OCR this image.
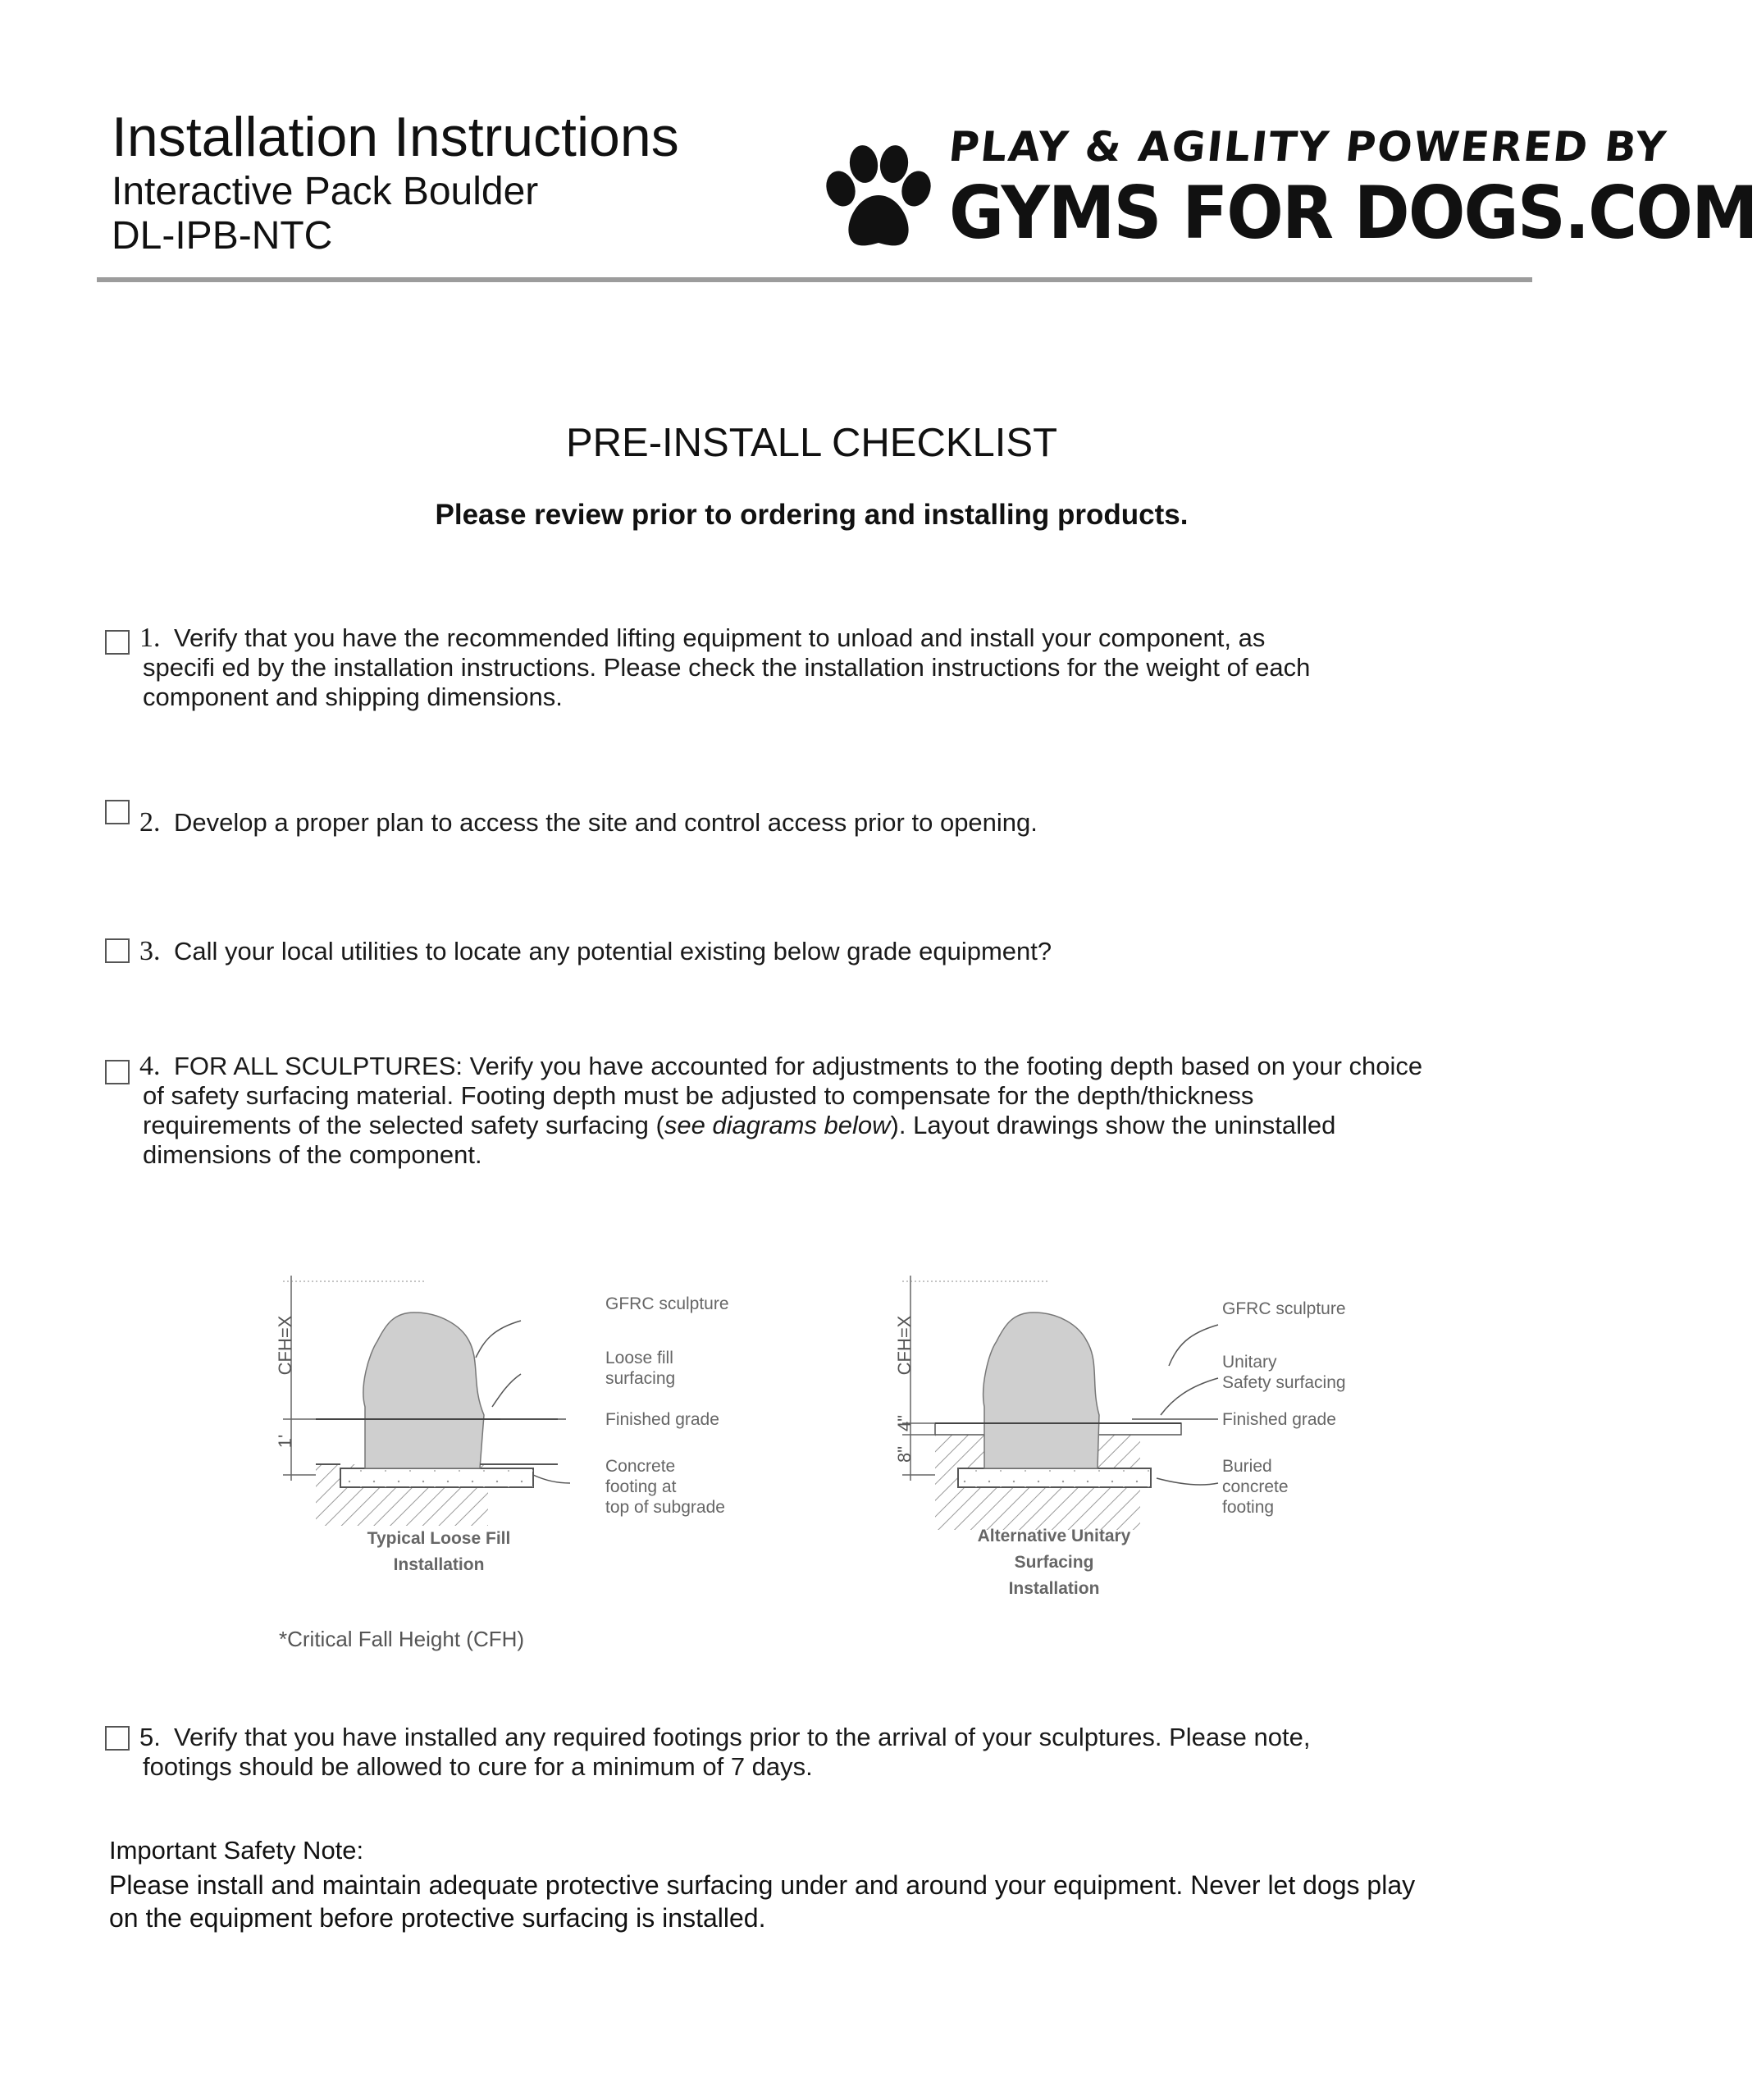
Installation Instructions
Interactive Pack Boulder
DL-IPB-NTC
PLAY & AGILITY POWERED BY
GYMS FOR DOGS.COM
PRE-INSTALL CHECKLIST
Please review prior to ordering and installing products.
1. Verify that you have the recommended lifting equipment to unload and install your component, as
specifi ed by the installation instructions. Please check the installation instructions for the weight of each
component and shipping dimensions.
2. Develop a proper plan to access the site and control access prior to opening.
3. Call your local utilities to locate any potential existing below grade equipment?
4. FOR ALL SCULPTURES: Verify you have accounted for adjustments to the footing depth based on your choice
of safety surfacing material. Footing depth must be adjusted to compensate for the depth/thickness
requirements of the selected safety surfacing (see diagrams below). Layout drawings show the uninstalled
dimensions of the component.
CFH=X
1'
GFRC sculpture
Loose fill
surfacing
Finished grade
Concrete
footing at
top of subgrade
Typical Loose Fill
Installation
CFH=X
4"
8"
GFRC sculpture
Unitary
Safety surfacing
Finished grade
Buried
concrete
footing
Alternative Unitary
Surfacing
Installation
*Critical Fall Height (CFH)
5. Verify that you have installed any required footings prior to the arrival of your sculptures. Please note,
footings should be allowed to cure for a minimum of 7 days.
Important Safety Note:
Please install and maintain adequate protective surfacing under and around your equipment. Never let dogs play
on the equipment before protective surfacing is installed.
